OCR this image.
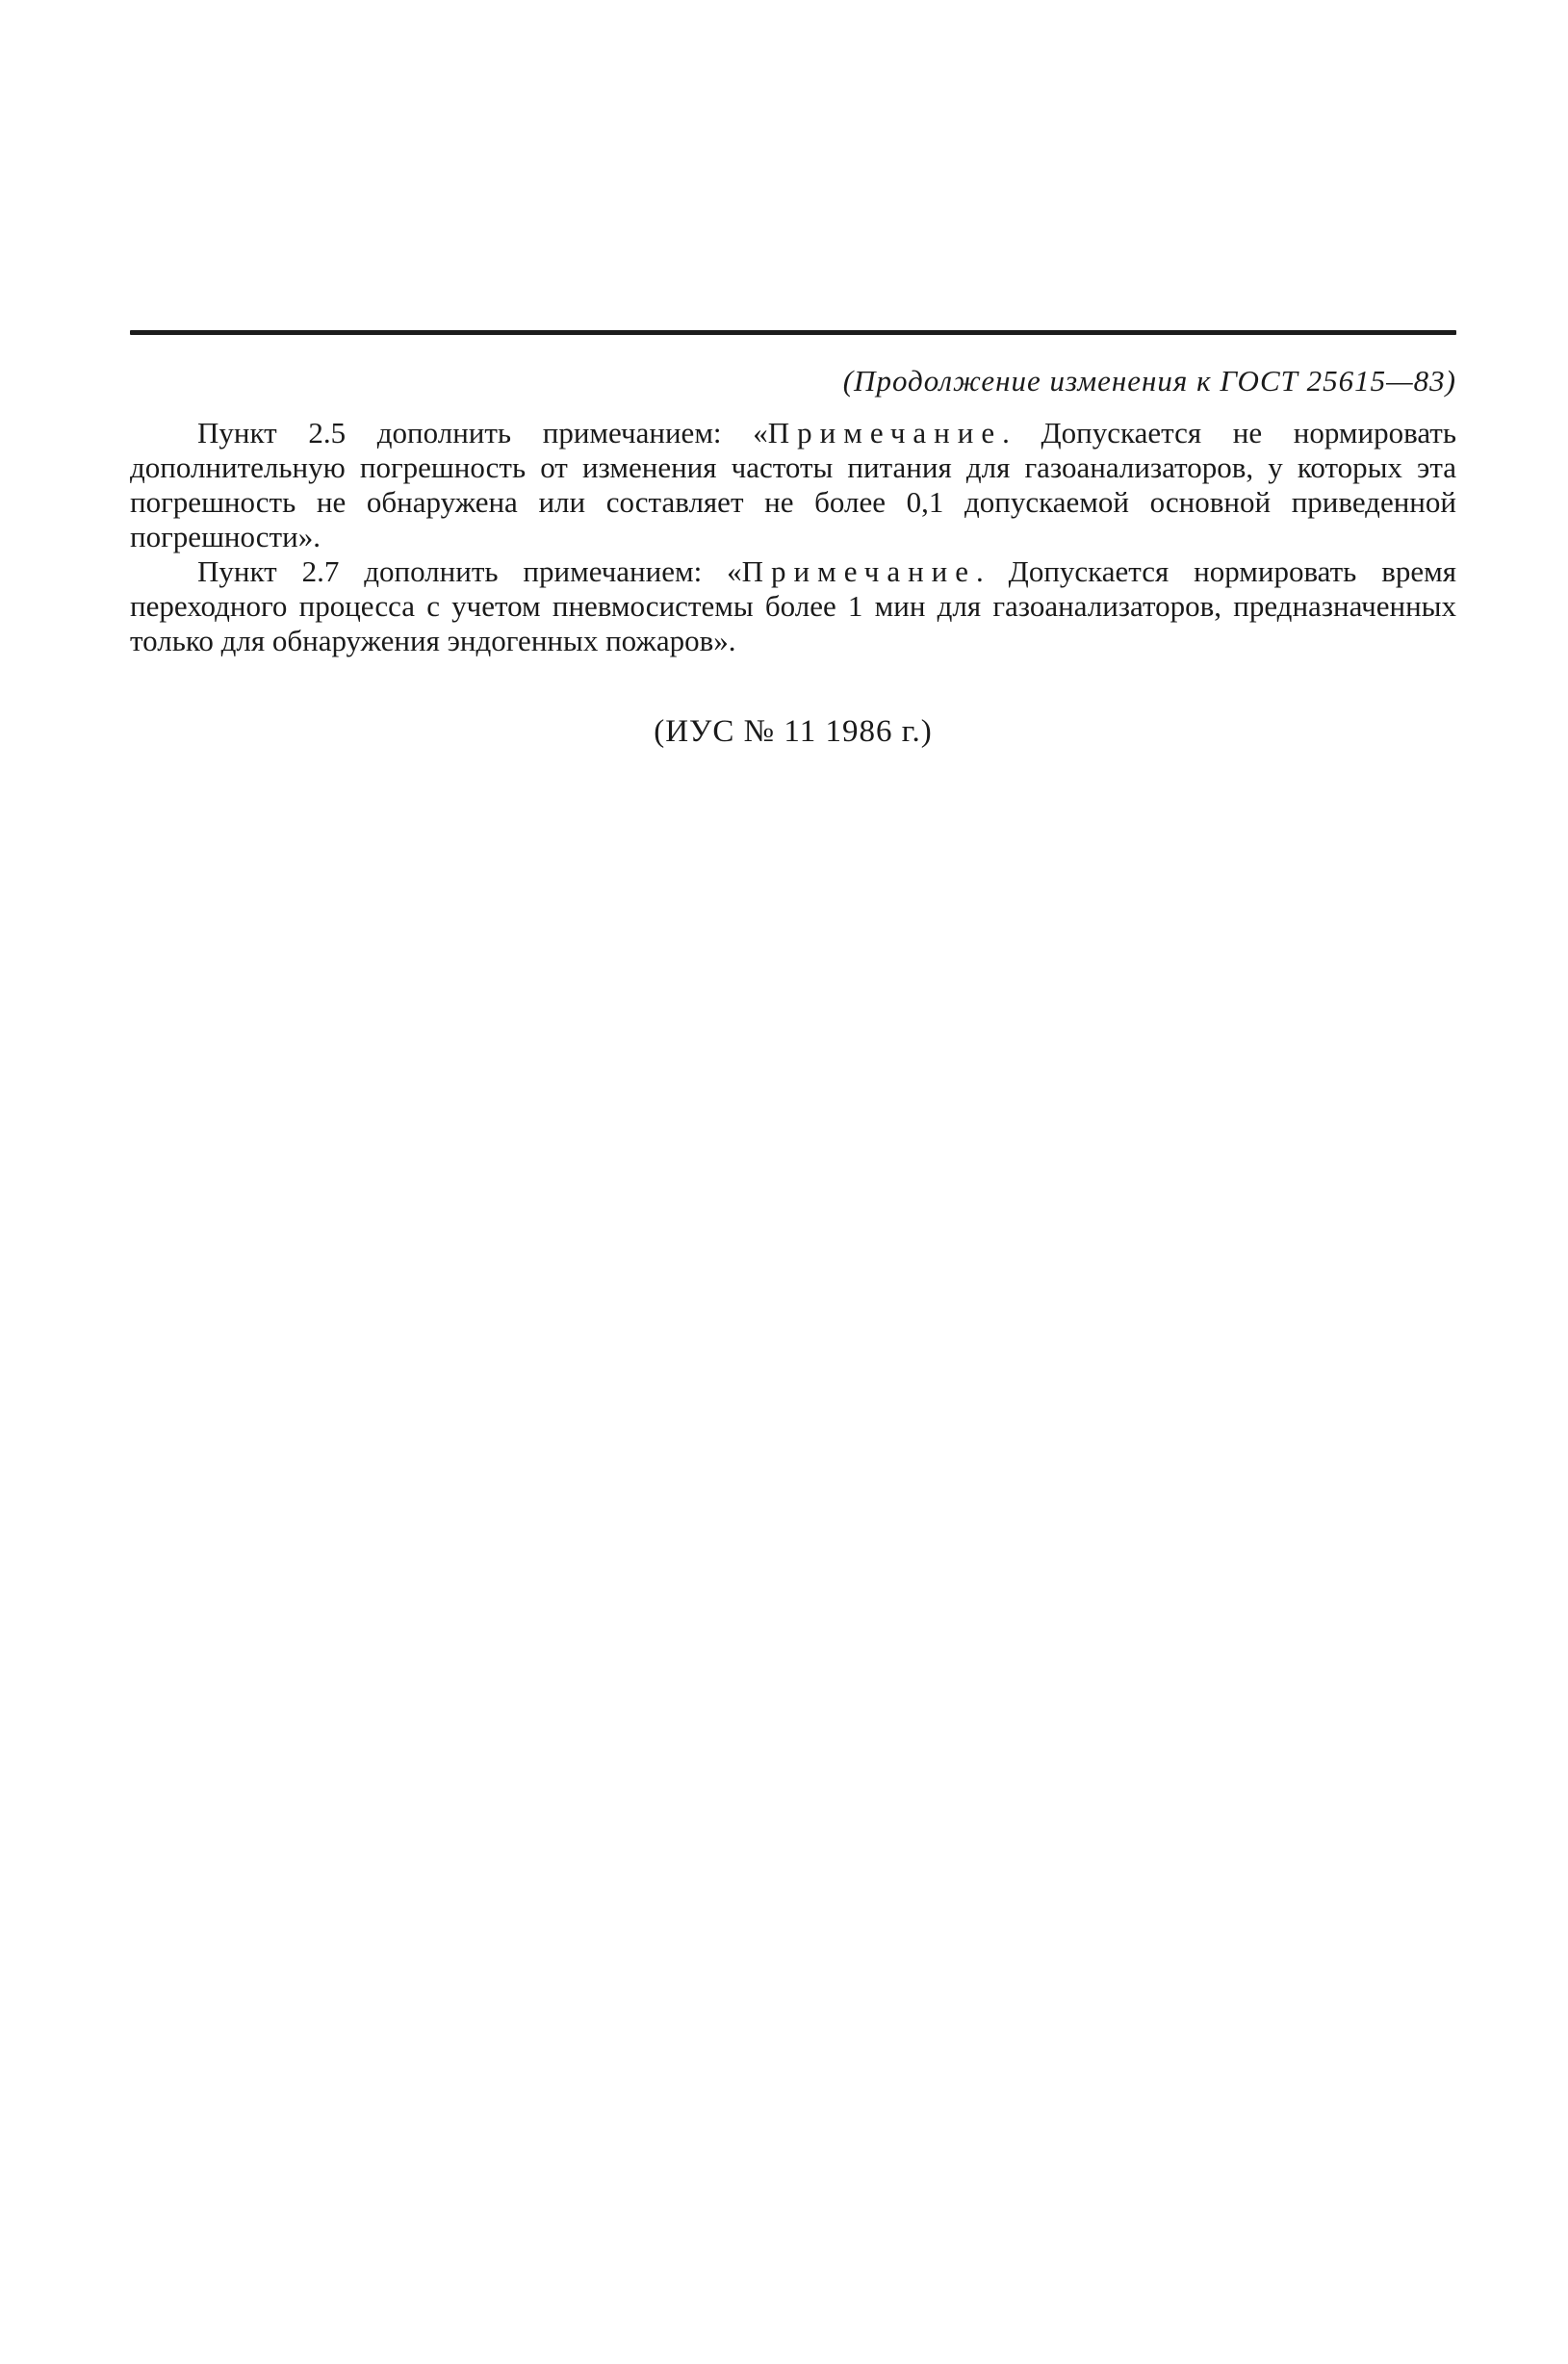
(Продолжение изменения к ГОСТ 25615—83)

Пункт 2.5 дополнить примечанием: «Примечание. Допускается не нормировать дополнительную погрешность от изменения частоты питания для газоанализаторов, у которых эта погрешность не обнаружена или составляет не более 0,1 допускаемой основной приведенной погрешности».

Пункт 2.7 дополнить примечанием: «Примечание. Допускается нормировать время переходного процесса с учетом пневмосистемы более 1 мин для газоанализаторов, предназначенных только для обнаружения эндогенных пожаров».

(ИУС № 11 1986 г.)
